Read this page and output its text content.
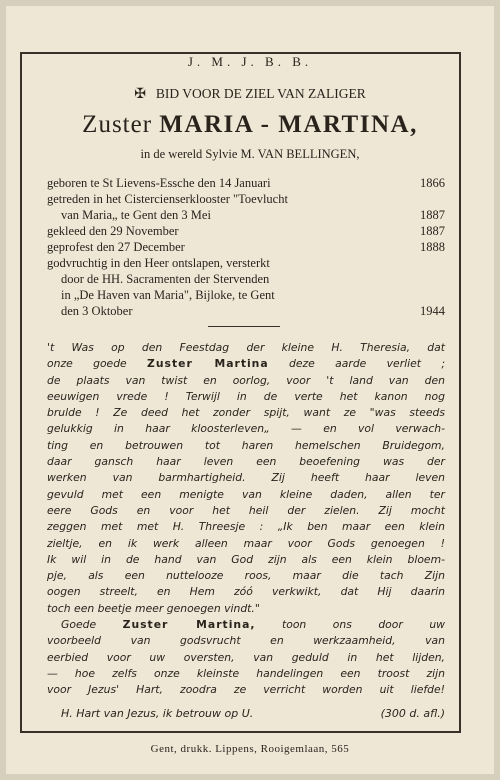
J. M. J. B. B.
✠ BID VOOR DE ZIEL VAN ZALIGER
Zuster MARIA - MARTINA,
in de wereld Sylvie M. VAN BELLINGEN,
geboren te St Lievens-Essche den 14 Januari	1866
getreden in het Cistercienserklooster "Toevlucht
van Maria„ te Gent den 3 Mei	1887
gekleed den 29 November	1887
geprofest den 27 December	1888
godvruchtig in den Heer ontslapen, versterkt
door de HH. Sacramenten der Stervenden
in „De Haven van Maria", Bijloke, te Gent
den 3 Oktober	1944
't Was op den Feestdag der kleine H. Theresia, dat
onze goede Zuster Martina deze aarde verliet ;
de plaats van twist en oorlog, voor 't land van den
eeuwigen vrede ! Terwijl in de verte het kanon nog
brulde ! Ze deed het zonder spijt, want ze "was steeds
gelukkig in haar kloosterleven„ — en vol verwach-
ting en betrouwen tot haren hemelschen Bruidegom,
daar gansch haar leven een beoefening was der
werken van barmhartigheid. Zij heeft haar leven
gevuld met een menigte van kleine daden, allen ter
eere Gods en voor het heil der zielen. Zij mocht
zeggen met met H. Threesje : „Ik ben maar een klein
zieltje, en ik werk alleen maar voor Gods genoegen !
Ik wil in de hand van God zijn als een klein bloem-
pje, als een nuttelooze roos, maar die tach Zijn
oogen streelt, en Hem zóó verkwikt, dat Hij daarin
toch een beetje meer genoegen vindt."
Goede Zuster Martina, toon ons door uw
voorbeeld van godsvrucht en werkzaamheid, van
eerbied voor uw oversten, van geduld in het lijden,
— hoe zelfs onze kleinste handelingen een troost zijn
voor Jezus' Hart, zoodra ze verricht worden uit liefde!
H. Hart van Jezus, ik betrouw op U.	(300 d. afl.)
Gent, drukk. Lippens, Rooigemlaan, 565
